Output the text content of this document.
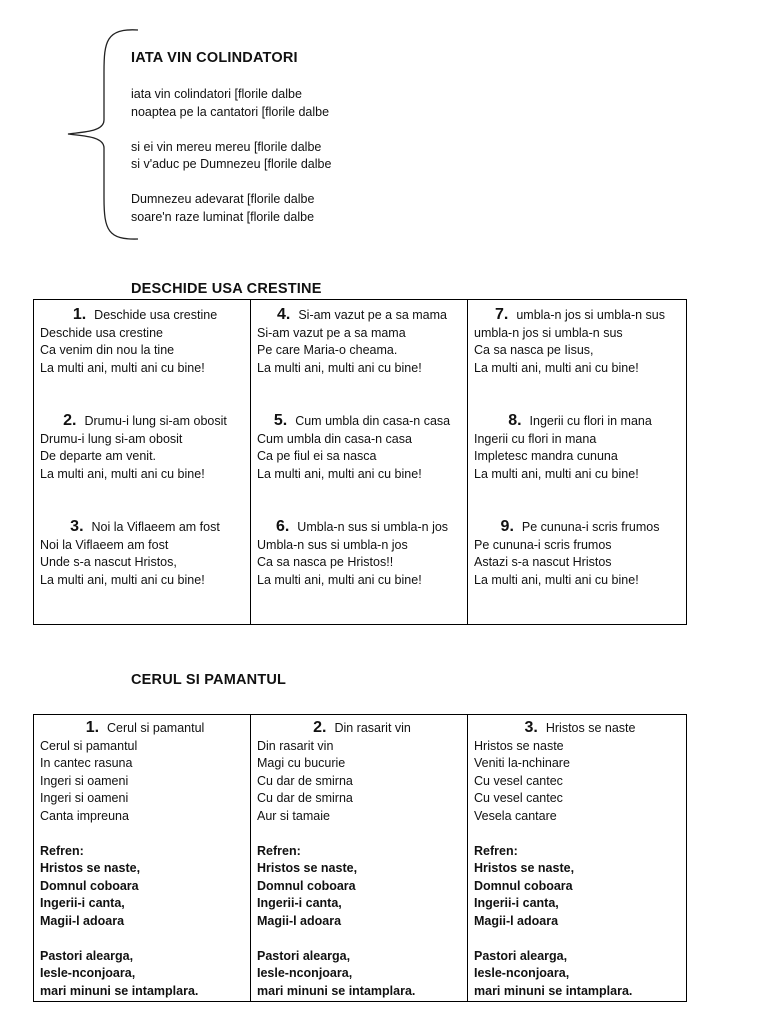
IATA VIN COLINDATORI
iata vin colindatori [florile dalbe
noaptea pe la cantatori [florile dalbe
si ei vin mereu mereu [florile dalbe
si v'aduc pe Dumnezeu [florile dalbe
Dumnezeu adevarat [florile dalbe
soare'n raze luminat [florile dalbe
DESCHIDE USA CRESTINE
1. Deschide usa crestine
Deschide usa crestine
Ca venim din nou la tine
La multi ani, multi ani cu bine!
2. Drumu-i lung si-am obosit
Drumu-i lung si-am obosit
De departe am venit.
La multi ani, multi ani cu bine!
3. Noi la Viflaeem am fost
Noi la Viflaeem am fost
Unde s-a nascut Hristos,
La multi ani, multi ani cu bine!

4. Si-am vazut pe a sa mama
Si-am vazut pe a sa mama
Pe care Maria-o cheama.
La multi ani, multi ani cu bine!
5. Cum umbla din casa-n casa
Cum umbla din casa-n casa
Ca pe fiul ei sa nasca
La multi ani, multi ani cu bine!
6. Umbla-n sus si umbla-n jos
Umbla-n sus si umbla-n jos
Ca sa nasca pe Hristos!!
La multi ani, multi ani cu bine!

7. umbla-n jos si umbla-n sus
umbla-n jos si umbla-n sus
Ca sa nasca pe Iisus,
La multi ani, multi ani cu bine!
8. Ingerii cu flori in mana
Ingerii cu flori in mana
Impletesc mandra cununa
La multi ani, multi ani cu bine!
9. Pe cununa-i scris frumos
Pe cununa-i scris frumos
Astazi s-a nascut Hristos
La multi ani, multi ani cu bine!
CERUL SI PAMANTUL
1. Cerul si pamantul
Cerul si pamantul
In cantec rasuna
Ingeri si oameni
Ingeri si oameni
Canta impreuna
Refren:
Hristos se naste,
Domnul coboara
Ingerii-i canta,
Magii-l adoara
Pastori alearga,
Iesle-nconjoara,
mari minuni se intamplara.

2. Din rasarit vin
Din rasarit vin
Magi cu bucurie
Cu dar de smirna
Cu dar de smirna
Aur si tamaie
Refren:
Hristos se naste,
Domnul coboara
Ingerii-i canta,
Magii-l adoara
Pastori alearga,
Iesle-nconjoara,
mari minuni se intamplara.

3. Hristos se naste
Hristos se naste
Veniti la-nchinare
Cu vesel cantec
Cu vesel cantec
Vesela cantare
Refren:
Hristos se naste,
Domnul coboara
Ingerii-i canta,
Magii-l adoara
Pastori alearga,
Iesle-nconjoara,
mari minuni se intamplara.
